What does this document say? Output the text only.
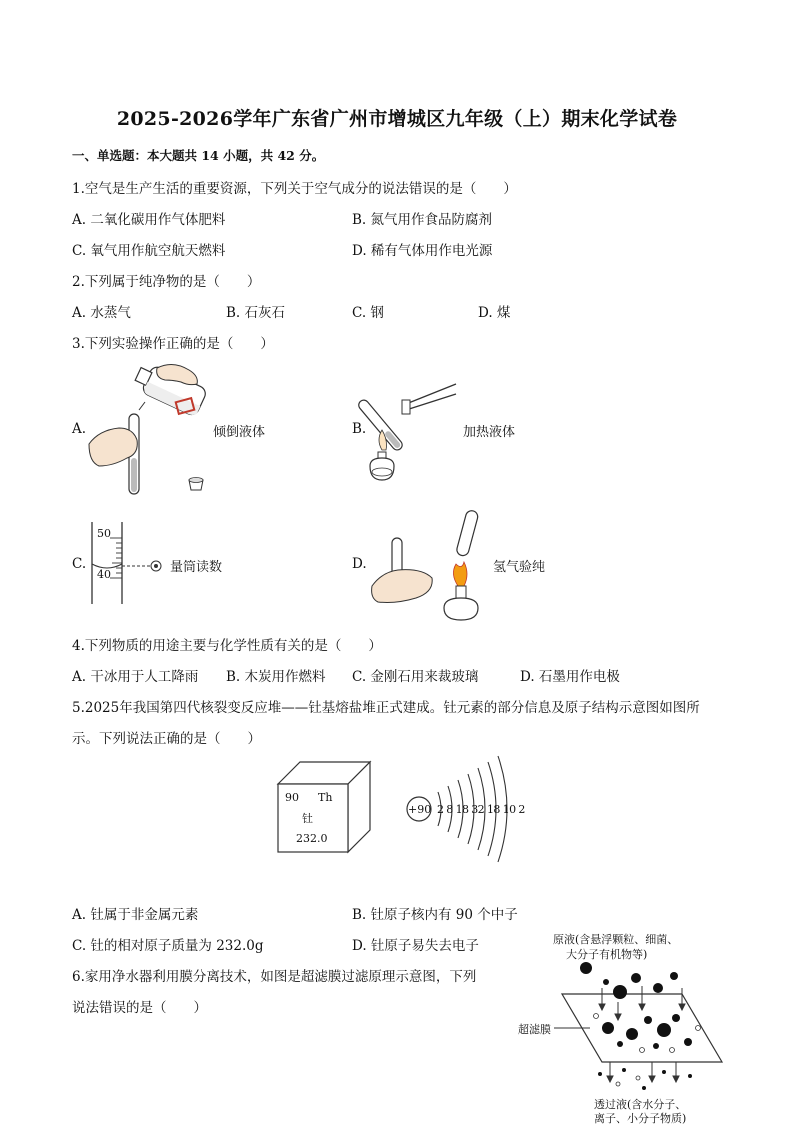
2025-2026学年广东省广州市增城区九年级（上）期末化学试卷
一、单选题：本大题共 14 小题，共 42 分。
1.空气是生产生活的重要资源，下列关于空气成分的说法错误的是（　　）
A. 二氧化碳用作气体肥料	B. 氮气用作食品防腐剂
C. 氧气用作航空航天燃料	D. 稀有气体用作电光源
2.下列属于纯净物的是（　　）
A. 水蒸气	B. 石灰石	C. 钢	D. 煤
3.下列实验操作正确的是（　　）
A.	倾倒液体	B.	加热液体
C.
50
40	量筒读数	D.	氢气验纯
4.下列物质的用途主要与化学性质有关的是（　　）
A. 干冰用于人工降雨 B. 木炭用作燃料 C. 金刚石用来裁玻璃	D. 石墨用作电极
5.2025年我国第四代核裂变反应堆——钍基熔盐堆正式建成。钍元素的部分信息及原子结构示意图如图所
示。下列说法正确的是（　　）
90 Th
钍
232.0
+90 2 8 18 32 18 10 2
A. 钍属于非金属元素	B. 钍原子核内有 90 个中子
C. 钍的相对原子质量为 232.0g	D. 钍原子易失去电子
6.家用净水器利用膜分离技术，如图是超滤膜过滤原理示意图，下列
说法错误的是（　　）
原液(含悬浮颗粒、细菌、
大分子有机物等)
超滤膜
透过液(含水分子、
离子、小分子物质)
